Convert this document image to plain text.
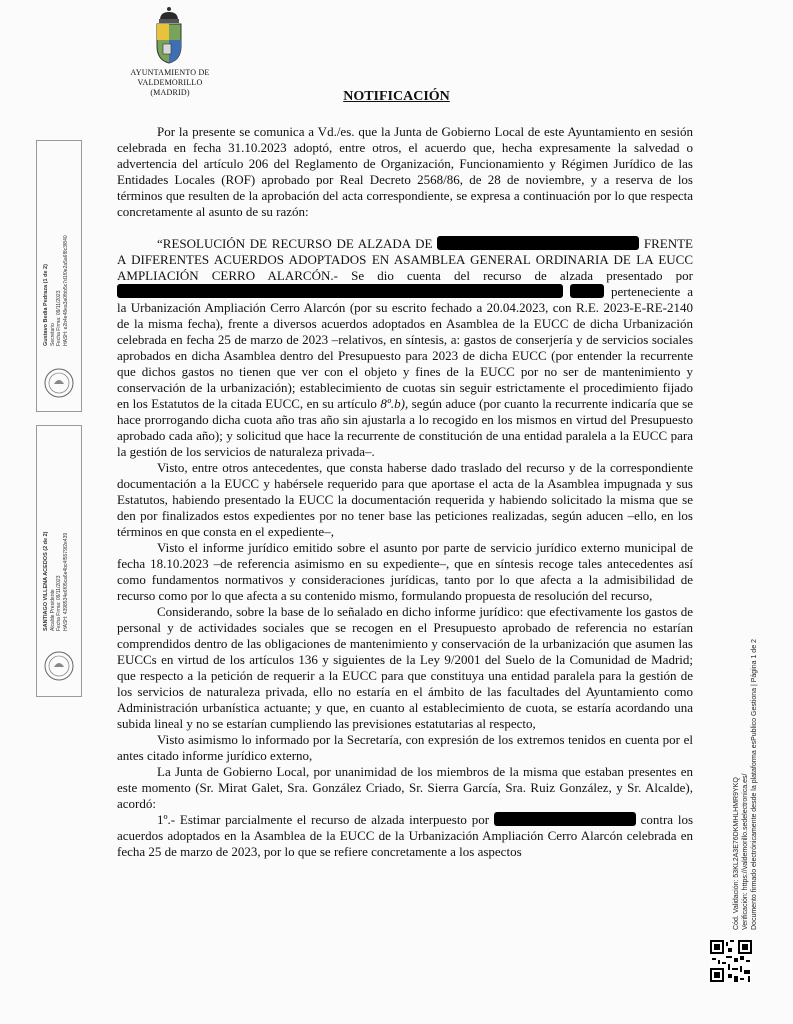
AYUNTAMIENTO DE VALDEMORILLO
(MADRID)	NOTIFICACIÓN

Por la presente se comunica a Vd./es. que la Junta de Gobierno Local de este Ayuntamiento en sesión celebrada en fecha 31.10.2023 adoptó, entre otros, el acuerdo que, hecha expresamente la salvedad o advertencia del artículo 206 del Reglamento de Organización, Funcionamiento y Régimen Jurídico de las Entidades Locales (ROF) aprobado por Real Decreto 2568/86, de 28 de noviembre, y a reserva de los términos que resulten de la aprobación del acta correspondiente, se expresa a continuación por lo que respecta concretamente al asunto de su razón:

“RESOLUCIÓN DE RECURSO DE ALZADA DE	FRENTE A DIFERENTES ACUERDOS ADOPTADOS EN ASAMBLEA GENERAL ORDINARIA DE LA EUCC AMPLIACIÓN CERRO ALARCÓN.- Se dio cuenta del recurso de alzada presentado por   perteneciente a la Urbanización Ampliación Cerro Alarcón (por su escrito fechado a 20.04.2023, con R.E. 2023-E-RE-2140 de la misma fecha), frente a diversos acuerdos adoptados en Asamblea de la EUCC de dicha Urbanización celebrada en fecha 25 de marzo de 2023 –relativos, en síntesis, a: gastos de conserjería y de servicios sociales aprobados en dicha Asamblea dentro del Presupuesto para 2023 de dicha EUCC (por entender la recurrente que dichos gastos no tienen que ver con el objeto y fines de la EUCC por no ser de mantenimiento y conservación de la urbanización); establecimiento de cuotas sin seguir estrictamente el procedimiento fijado en los Estatutos de la citada EUCC, en su artículo 8º.b), según aduce (por cuanto la recurrente indicaría que se hace prorrogando dicha cuota año tras año sin ajustarla a lo recogido en los mismos en virtud del Presupuesto aprobado cada año); y solicitud que hace la recurrente de constitución de una entidad paralela a la EUCC para la gestión de los servicios de naturaleza privada–.

Visto, entre otros antecedentes, que consta haberse dado traslado del recurso y de la correspondiente documentación a la EUCC y habérsele requerido para que aportase el acta de la Asamblea impugnada y sus Estatutos, habiendo presentado la EUCC la documentación requerida y habiendo solicitado la misma que se den por finalizados estos expedientes por no tener base las peticiones realizadas, según aducen –ello, en los términos en que consta en el expediente–,

Visto el informe jurídico emitido sobre el asunto por parte de servicio jurídico externo municipal de fecha 18.10.2023 –de referencia asimismo en su expediente–, que en síntesis recoge tales antecedentes así como fundamentos normativos y consideraciones jurídicas, tanto por lo que afecta a la admisibilidad de recurso como por lo que afecta a su contenido mismo, formulando propuesta de resolución del recurso,

Considerando, sobre la base de lo señalado en dicho informe jurídico: que efectivamente los gastos de personal y de actividades sociales que se recogen en el Presupuesto aprobado de referencia no estarían comprendidos dentro de las obligaciones de mantenimiento y conservación de la urbanización que asumen las EUCCs en virtud de los artículos 136 y siguientes de la Ley 9/2001 del Suelo de la Comunidad de Madrid; que respecto a la petición de requerir a la EUCC para que constituya una entidad paralela para la gestión de los servicios de naturaleza privada, ello no estaría en el ámbito de las facultades del Ayuntamiento como Administración urbanística actuante; y que, en cuanto al establecimiento de cuota, se estaría acordando una subida lineal y no se estarían cumpliendo las previsiones estatutarias al respecto,

Visto asimismo lo informado por la Secretaría, con expresión de los extremos tenidos en cuenta por el antes citado informe jurídico externo,

La Junta de Gobierno Local, por unanimidad de los miembros de la misma que estaban presentes en este momento (Sr. Mirat Galet, Sra. González Criado, Sr. Sierra García, Sra. Ruiz González, y Sr. Alcalde), acordó:

1º.- Estimar parcialmente el recurso de alzada interpuesto por	contra los acuerdos adoptados en la Asamblea de la EUCC de la Urbanización Ampliación Cerro Alarcón celebrada en fecha 25 de marzo de 2023, por lo que se refiere concretamente a los aspectos

Gustavo Bedia Pedraza (1 de 2)
Secretario
Fecha Firma: 09/11/2023
HASH: e2b4e48ea3a0fbb5c7d1f0e2a5a6f8c3f840
SANTIAGO VILLENA ACEDOS (2 de 2)
Alcalde Presidente
Fecha Firma: 09/11/2023
HASH: 4398534e6f05ca6e4bc4f5579f2e439
Cód. Validación: 53KL2A3E76DKMHLHMR9YKQ Verificación: https://valdemorillo.sedelectronica.es/ Documento firmado electrónicamente desde la plataforma esPublico Gestiona | Página 1 de 2
